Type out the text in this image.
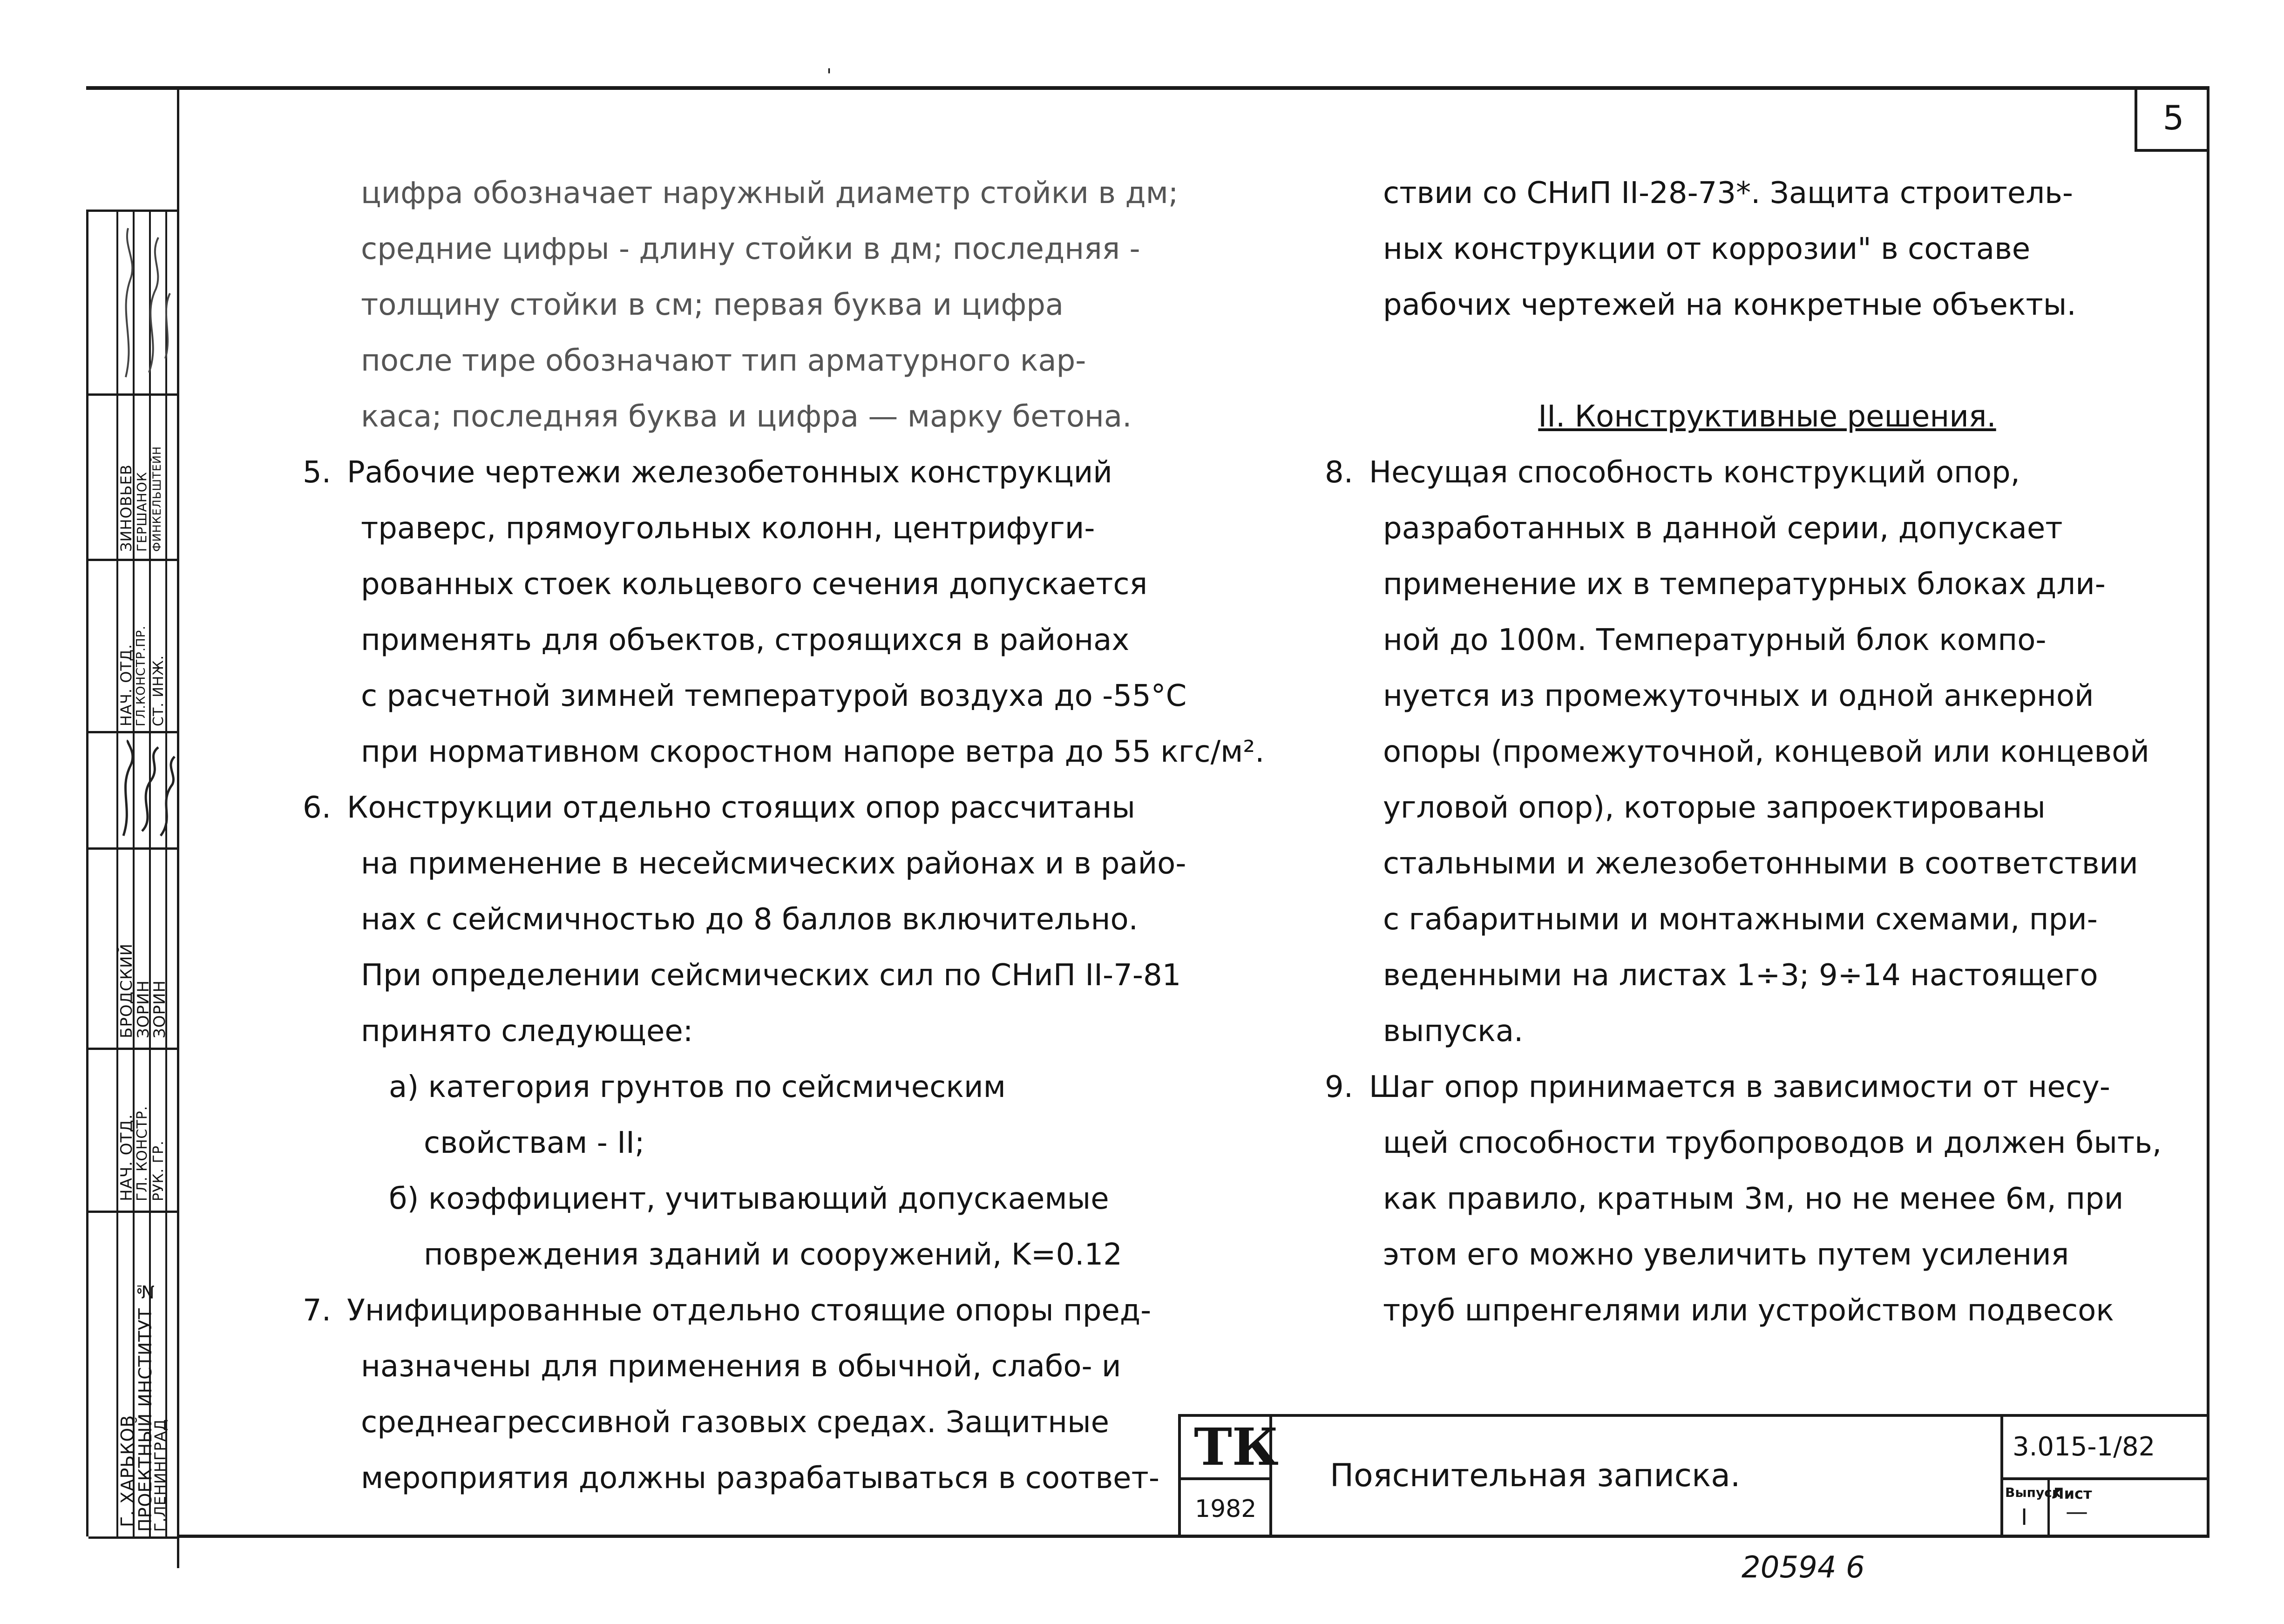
'
5
ПРОЕКТНЫЙ ИНСТИТУТ №
Г. ХАРЬКОВ Г.ЛЕНИНГРАД
НАЧ. ОТД.
ГЛ. КОНСТР. РУК. ГР.
БРОДСКИЙ
ЗОРИН
ЗОРИН
НАЧ. ОТД.
ГЛ.КОНСТР.ПР. СТ. ИНЖ.
ЗИНОВЬЕВ
ГЕРШАНОК ФИНКЕЛЬШТЕЙН
цифра обозначает наружный диаметр стойки в дм;
средние цифры - длину стойки в дм; последняя -
толщину стойки в см; первая буква и цифра
после тире обозначают тип арматурного кар-
каса; последняя буква и цифра — марку бетона.
5. Рабочие чертежи железобетонных конструкций
траверс, прямоугольных колонн, центрифуги-
рованных стоек кольцевого сечения допускается
применять для объектов, строящихся в районах
с расчетной зимней температурой воздуха до -55°C
при нормативном скоростном напоре ветра до 55 кгс/м².
6. Конструкции отдельно стоящих опор рассчитаны
на применение в несейсмических районах и в райо-
нах с сейсмичностью до 8 баллов включительно.
При определении сейсмических сил по СНиП II-7-81
принято следующее:
а) категория грунтов по сейсмическим
свойствам - II;
б) коэффициент, учитывающий допускаемые
повреждения зданий и сооружений, K=0.12
7. Унифицированные отдельно стоящие опоры пред-
назначены для применения в обычной, слабо- и
среднеагрессивной газовых средах. Защитные
мероприятия должны разрабатываться в соответ-
ствии со СНиП II-28-73*. Защита строитель-
ных конструкции от коррозии" в составе
рабочих чертежей на конкретные объекты.
II. Конструктивные решения.
8. Несущая способность конструкций опор,
разработанных в данной серии, допускает
применение их в температурных блоках дли-
ной до 100м. Температурный блок компо-
нуется из промежуточных и одной анкерной
опоры (промежуточной, концевой или концевой
угловой опор), которые запроектированы
стальными и железобетонными в соответствии
с габаритными и монтажными схемами, при-
веденными на листах 1÷3; 9÷14 настоящего
выпуска.
9. Шаг опор принимается в зависимости от несу-
щей способности трубопроводов и должен быть,
как правило, кратным 3м, но не менее 6м, при
этом его можно увеличить путем усиления
труб шпренгелями или устройством подвесок
ТК
1982
Пояснительная записка.
3.015-1/82
Выпуск
I
Лист
—
20594 6
